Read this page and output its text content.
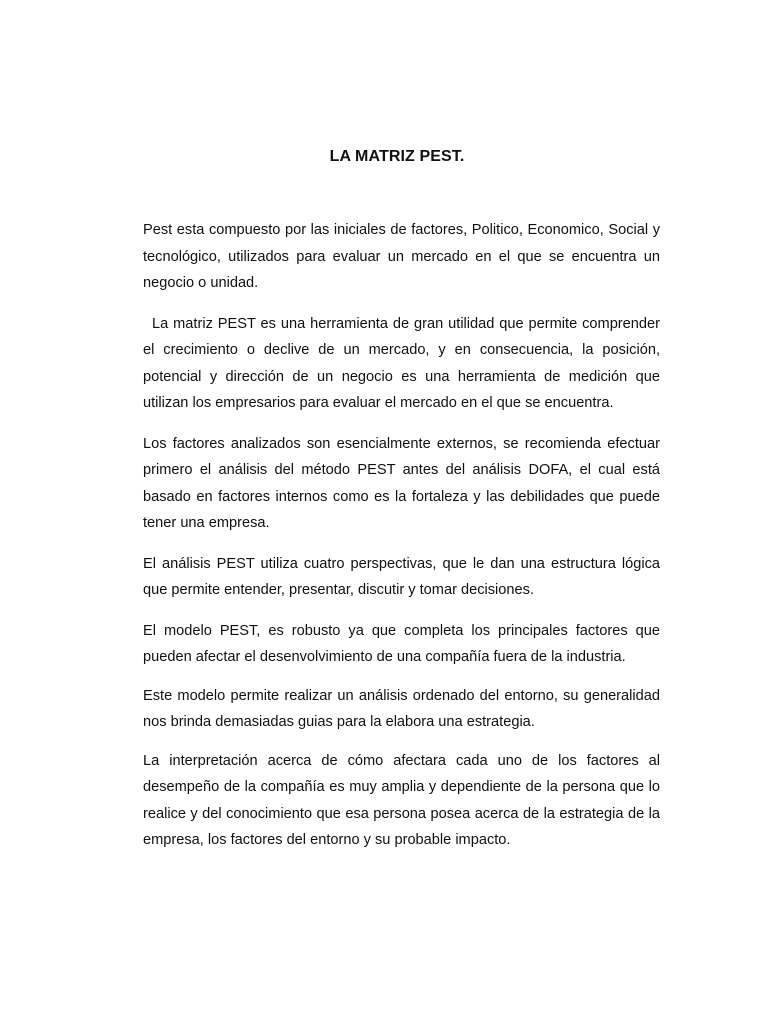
LA MATRIZ PEST.

Pest esta compuesto por las iniciales de factores, Politico, Economico, Social y tecnológico, utilizados para evaluar un mercado en el que se encuentra un negocio o unidad.

La matriz PEST es una herramienta de gran utilidad que permite comprender el crecimiento o declive de un mercado, y en consecuencia, la posición, potencial y dirección de un negocio es una herramienta de medición que utilizan los empresarios para evaluar el mercado en el que se encuentra.

Los factores analizados son esencialmente externos, se recomienda efectuar primero el análisis del método PEST antes del análisis DOFA, el cual está basado en factores internos como es la fortaleza y las debilidades que puede tener una empresa.

El análisis PEST utiliza cuatro perspectivas, que le dan una estructura lógica que permite entender, presentar, discutir y tomar decisiones.

El modelo PEST, es robusto ya que completa los principales factores que pueden afectar el desenvolvimiento de una compañía fuera de la industria.

Este modelo permite realizar un análisis ordenado del entorno, su generalidad nos brinda demasiadas guias para la elabora una estrategia.

La interpretación acerca de cómo afectara cada uno de los factores al desempeño de la compañía es muy amplia y dependiente de la persona que lo realice y del conocimiento que esa persona posea acerca de la estrategia de la empresa, los factores del entorno y su probable impacto.
